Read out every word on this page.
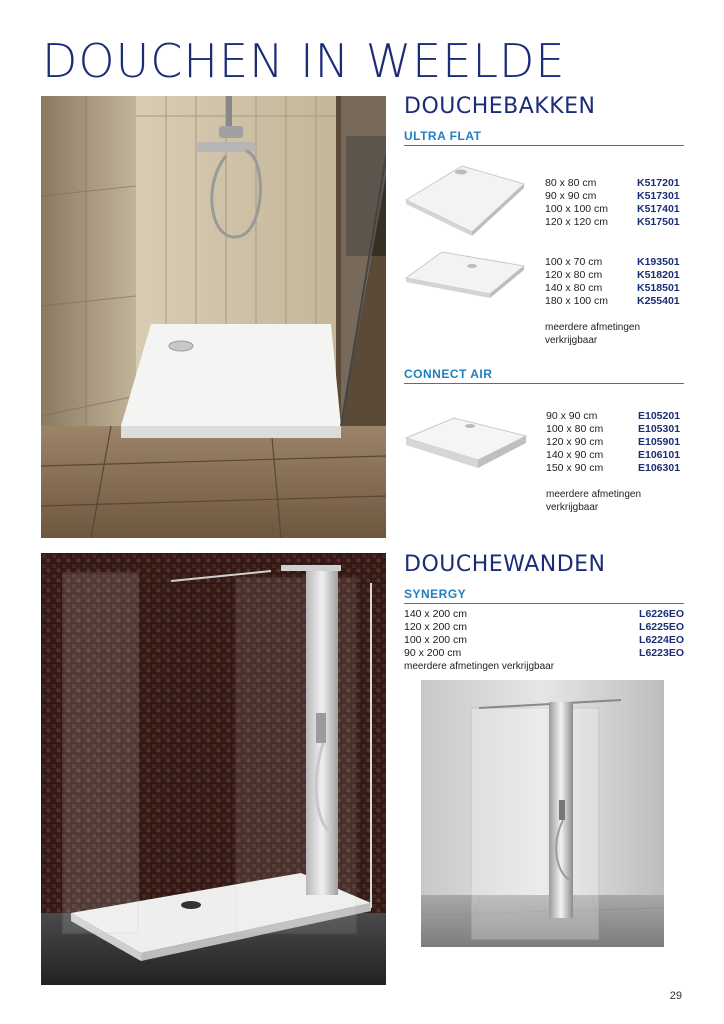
DOUCHEN IN WEELDE
DOUCHEBAKKEN
ULTRA FLAT
80 x 80 cm	K517201
90 x 90 cm	K517301
100 x 100 cm	K517401
120 x 120 cm	K517501
100 x 70 cm	K193501
120 x 80 cm	K518201
140 x 80 cm	K518501
180 x 100 cm	K255401
meerdere afmetingen
verkrijgbaar
CONNECT AIR
90 x 90 cm	E105201
100 x 80 cm	E105301
120 x 90 cm	E105901
140 x 90 cm	E106101
150 x 90 cm	E106301
meerdere afmetingen
verkrijgbaar
DOUCHEWANDEN
SYNERGY
140 x 200 cm	L6226EO
120 x 200 cm	L6225EO
100 x 200 cm	L6224EO
90 x 200 cm	L6223EO
meerdere afmetingen verkrijgbaar
29
